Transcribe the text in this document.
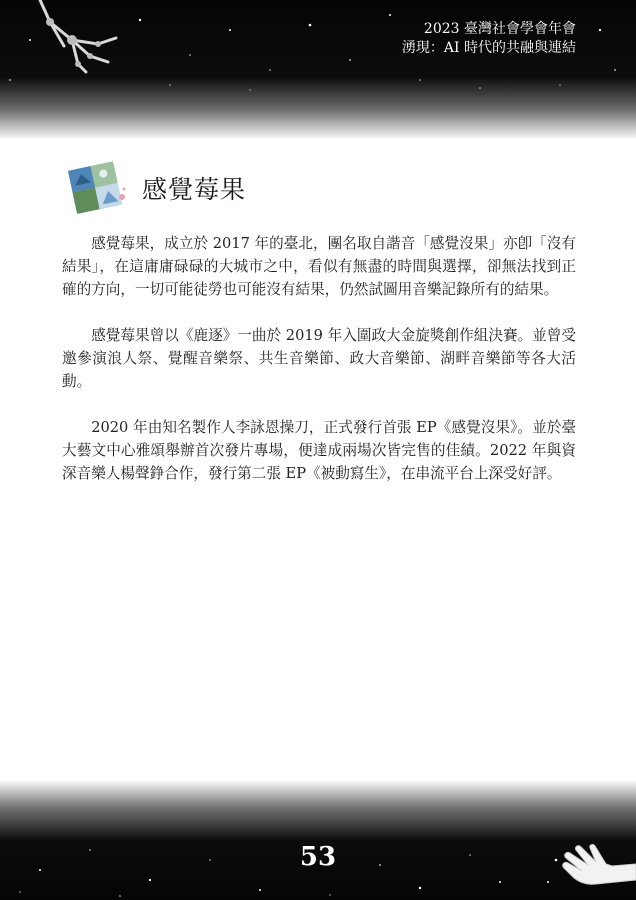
2023 臺灣社會學會年會
湧現：AI 時代的共融與連結
感覺莓果

感覺莓果，成立於 2017 年的臺北，團名取自諧音「感覺沒果」亦卽「沒有結果」，在這庸庸碌碌的大城市之中，看似有無盡的時間與選擇，卻無法找到正確的方向，一切可能徒勞也可能沒有結果，仍然試圖用音樂記錄所有的結果。

感覺莓果曾以《鹿逐》一曲於 2019 年入圍政大金旋獎創作組決賽。並曾受邀參演浪人祭、覺醒音樂祭、共生音樂節、政大音樂節、湖畔音樂節等各大活動。

2020 年由知名製作人李詠恩操刀，正式發行首張 EP《感覺沒果》。並於臺大藝文中心雅頌舉辦首次發片專場，便達成兩場次皆完售的佳績。2022 年與資深音樂人楊聲錚合作，發行第二張 EP《被動寫生》，在串流平台上深受好評。

53
